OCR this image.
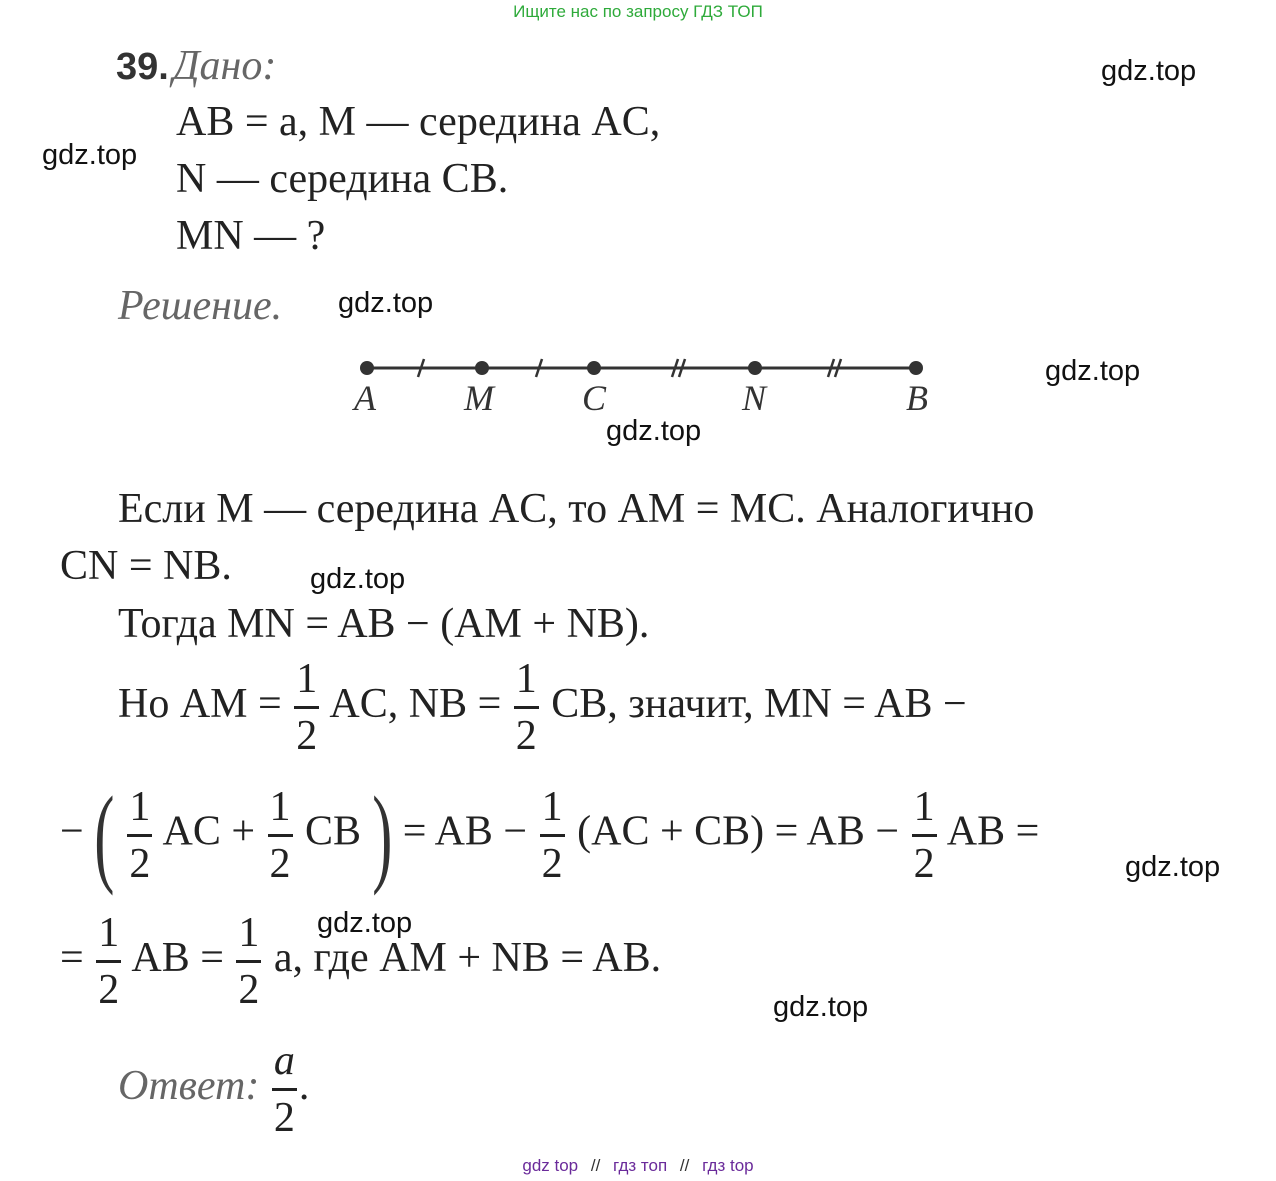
Ищите нас по запросу ГДЗ ТОП
39. Дано:
AB = a, M — середина AC,
N — середина CB.
MN — ?
Решение.
A M C	N	B
Если M — середина AC, то AM = MC. Аналогично
CN = NB.
Тогда MN = AB − (AM + NB).
Но AM = $\frac{1}{2}$ AC, NB = $\frac{1}{2}$ CB, значит, MN = AB −
− ( $\frac{1}{2}$ AC + $\frac{1}{2}$ CB ) = AB − $\frac{1}{2} (AC + CB)$ = AB − $\frac{1}{2}$ AB =
= $\frac{1}{2}$ AB = $\frac{1}{2} a$, где AM + NB = AB.
Ответ: $\frac{a}{2}$ .
gdz.top
gdz.top
gdz.top
gdz.top
gdz.top
gdz.top
gdz.top
gdz.top
gdz.top
gdz top // гдз топ // гдз top
